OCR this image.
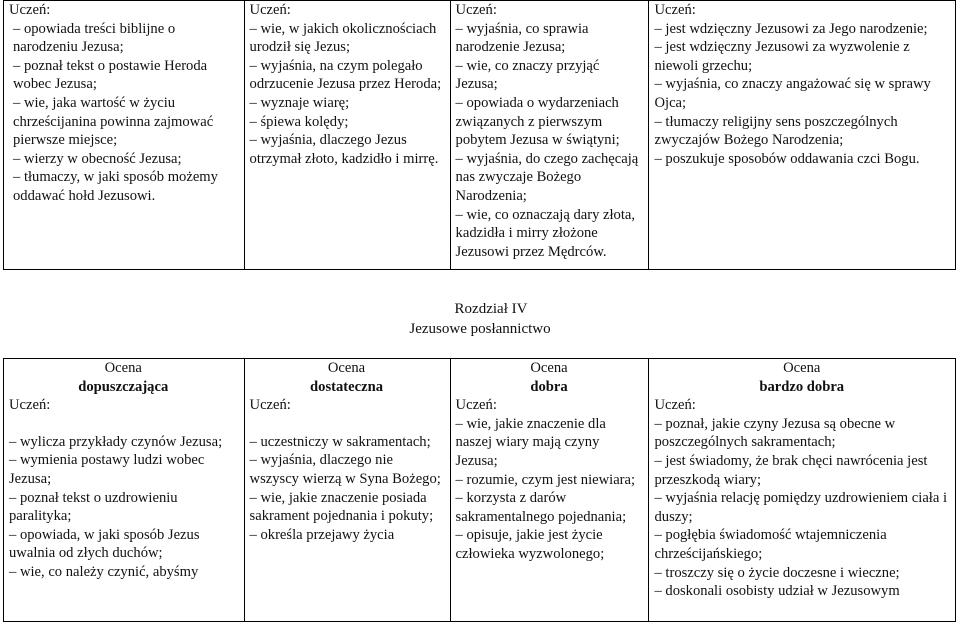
Uczeń:
– opowiada treści biblijne o narodzeniu Jezusa;
– poznał tekst o postawie Heroda wobec Jezusa;
– wie, jaka wartość w życiu chrześcijanina powinna zajmować pierwsze miejsce;
– wierzy w obecność Jezusa;
– tłumaczy, w jaki sposób możemy oddawać hołd Jezusowi.

Uczeń:
– wie, w jakich okolicznościach urodził się Jezus;
– wyjaśnia, na czym polegało odrzucenie Jezusa przez Heroda;
– wyznaje wiarę;
– śpiewa kolędy;
– wyjaśnia, dlaczego Jezus otrzymał złoto, kadzidło i mirrę.

Uczeń:
– wyjaśnia, co sprawia narodzenie Jezusa;
– wie, co znaczy przyjąć Jezusa;
– opowiada o wydarzeniach związanych z pierwszym pobytem Jezusa w świątyni;
– wyjaśnia, do czego zachęcają nas zwyczaje Bożego Narodzenia;
– wie, co oznaczają dary złota, kadzidła i mirry złożone Jezusowi przez Mędrców.

Uczeń:
– jest wdzięczny Jezusowi za Jego narodzenie;
– jest wdzięczny Jezusowi za wyzwolenie z niewoli grzechu;
– wyjaśnia, co znaczy angażować się w sprawy Ojca;
– tłumaczy religijny sens poszczególnych zwyczajów Bożego Narodzenia;
– poszukuje sposobów oddawania czci Bogu.
Rozdział IV
Jezusowe posłannictwo
Ocena
dopuszczająca
Uczeń:
– wylicza przykłady czynów Jezusa;
– wymienia postawy ludzi wobec Jezusa;
– poznał tekst o uzdrowieniu paralityka;
– opowiada, w jaki sposób Jezus uwalnia od złych duchów;
– wie, co należy czynić, abyśmy

Ocena
dostateczna
Uczeń:
– uczestniczy w sakramentach;
– wyjaśnia, dlaczego nie wszyscy wierzą w Syna Bożego;
– wie, jakie znaczenie posiada sakrament pojednania i pokuty;
– określa przejawy życia

Ocena
dobra
Uczeń:
– wie, jakie znaczenie dla naszej wiary mają czyny Jezusa;
– rozumie, czym jest niewiara;
– korzysta z darów sakramentalnego pojednania;
– opisuje, jakie jest życie człowieka wyzwolonego;

Ocena
bardzo dobra
Uczeń:
– poznał, jakie czyny Jezusa są obecne w poszczególnych sakramentach;
– jest świadomy, że brak chęci nawrócenia jest przeszkodą wiary;
– wyjaśnia relację pomiędzy uzdrowieniem ciała i duszy;
– pogłębia świadomość wtajemniczenia chrześcijańskiego;
– troszczy się o życie doczesne i wieczne;
– doskonali osobisty udział w Jezusowym
